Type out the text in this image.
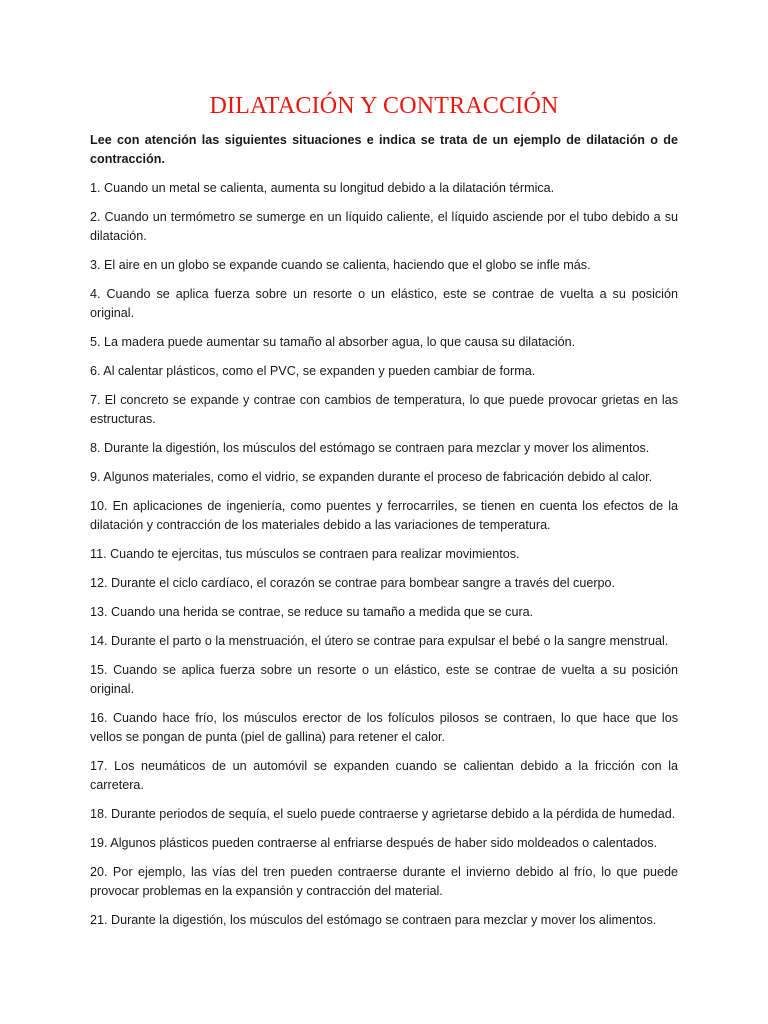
DILATACIÓN Y CONTRACCIÓN

Lee con atención las siguientes situaciones e indica se trata de un ejemplo de dilatación o de contracción.

1. Cuando un metal se calienta, aumenta su longitud debido a la dilatación térmica.

2. Cuando un termómetro se sumerge en un líquido caliente, el líquido asciende por el tubo debido a su dilatación.

3. El aire en un globo se expande cuando se calienta, haciendo que el globo se infle más.

4. Cuando se aplica fuerza sobre un resorte o un elástico, este se contrae de vuelta a su posición original.

5. La madera puede aumentar su tamaño al absorber agua, lo que causa su dilatación.

6. Al calentar plásticos, como el PVC, se expanden y pueden cambiar de forma.

7. El concreto se expande y contrae con cambios de temperatura, lo que puede provocar grietas en las estructuras.

8. Durante la digestión, los músculos del estómago se contraen para mezclar y mover los alimentos.

9. Algunos materiales, como el vidrio, se expanden durante el proceso de fabricación debido al calor.

10. En aplicaciones de ingeniería, como puentes y ferrocarriles, se tienen en cuenta los efectos de la dilatación y contracción de los materiales debido a las variaciones de temperatura.

11. Cuando te ejercitas, tus músculos se contraen para realizar movimientos.

12. Durante el ciclo cardíaco, el corazón se contrae para bombear sangre a través del cuerpo.

13. Cuando una herida se contrae, se reduce su tamaño a medida que se cura.

14. Durante el parto o la menstruación, el útero se contrae para expulsar el bebé o la sangre menstrual.

15. Cuando se aplica fuerza sobre un resorte o un elástico, este se contrae de vuelta a su posición original.

16. Cuando hace frío, los músculos erector de los folículos pilosos se contraen, lo que hace que los vellos se pongan de punta (piel de gallina) para retener el calor.

17. Los neumáticos de un automóvil se expanden cuando se calientan debido a la fricción con la carretera.

18. Durante periodos de sequía, el suelo puede contraerse y agrietarse debido a la pérdida de humedad.

19. Algunos plásticos pueden contraerse al enfriarse después de haber sido moldeados o calentados.

20. Por ejemplo, las vías del tren pueden contraerse durante el invierno debido al frío, lo que puede provocar problemas en la expansión y contracción del material.

21. Durante la digestión, los músculos del estómago se contraen para mezclar y mover los alimentos.
